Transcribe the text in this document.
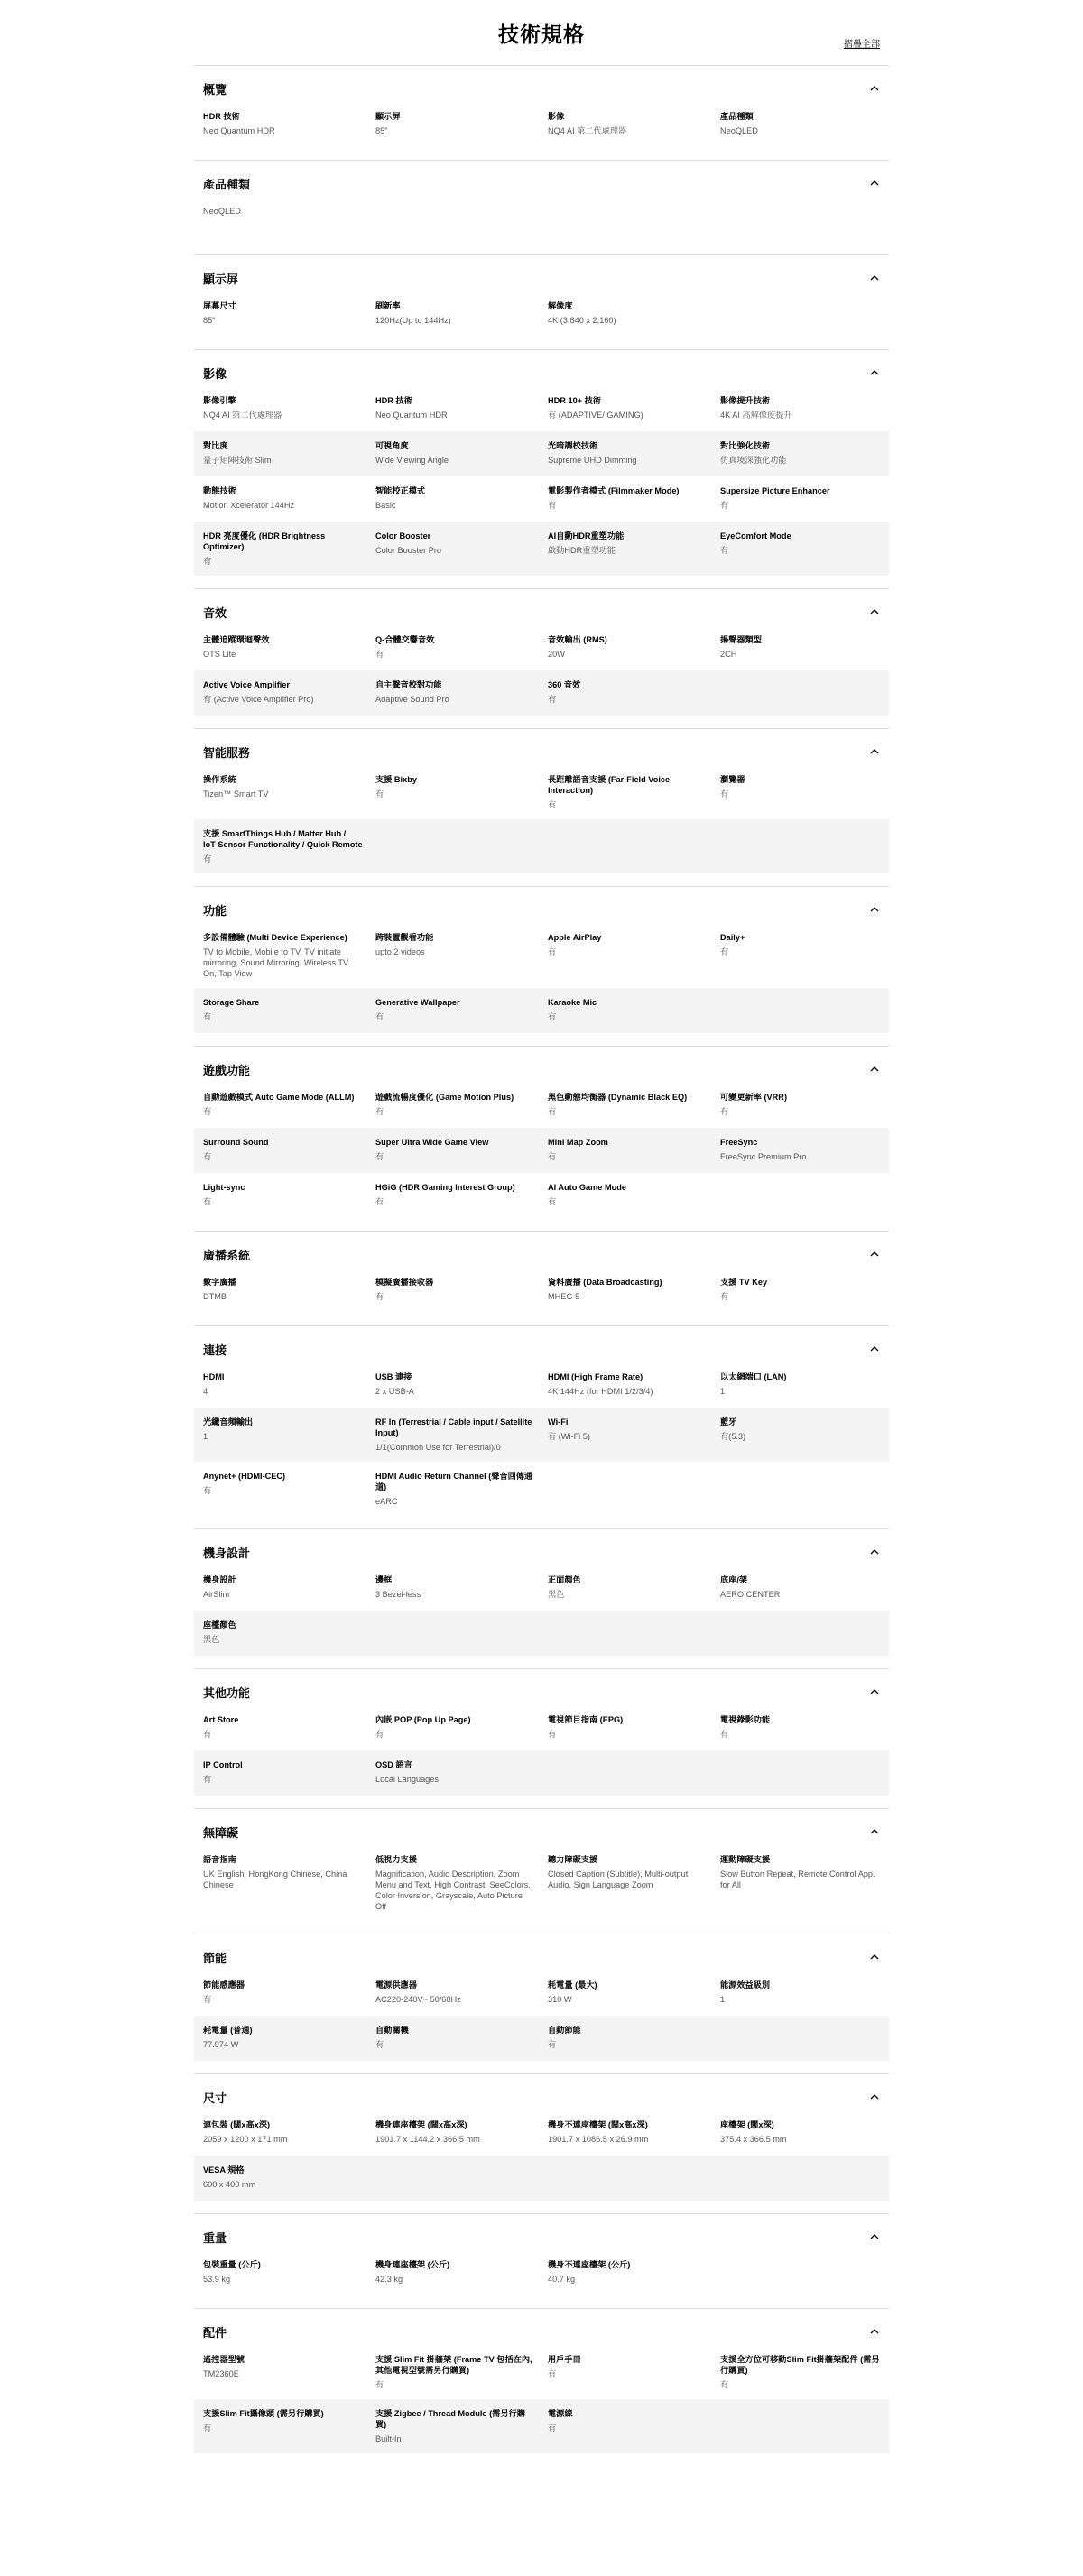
技術規格	摺疊全部
概覽
HDR 技術
Neo Quantum HDR
顯示屏
85"
影像
NQ4 AI 第二代處理器
產品種類
NeoQLED
產品種類
NeoQLED
顯示屏
屏幕尺寸
85"
刷新率
120Hz(Up to 144Hz)
解像度
4K (3,840 x 2,160)
影像
影像引擎
NQ4 AI 第二代處理器
HDR 技術
Neo Quantum HDR
HDR 10+ 技術
有 (ADAPTIVE/ GAMING)
影像提升技術
4K AI 高解像度提升
對比度
量子矩陣技術 Slim
可視角度
Wide Viewing Angle
光暗調校技術
Supreme UHD Dimming
對比強化技術
仿真境深強化功能
動態技術
Motion Xcelerator 144Hz
智能校正模式
Basic
電影製作者模式 (Filmmaker Mode)
有
Supersize Picture Enhancer
有
HDR 亮度優化 (HDR Brightness Optimizer)
有
Color Booster
Color Booster Pro
AI自動HDR重塑功能
啟動HDR重塑功能
EyeComfort Mode
有
音效
主體追蹤環迴聲效
OTS Lite
Q-合體交響音效
有
音效輸出 (RMS)
20W
揚聲器類型
2CH
Active Voice Amplifier
有 (Active Voice Amplifier Pro)
自主聲音校對功能
Adaptive Sound Pro
360 音效
有
智能服務
操作系統
Tizen™ Smart TV
支援 Bixby
有
長距離語音支援 (Far-Field Voice Interaction)
有
瀏覽器
有
支援 SmartThings Hub / Matter Hub / IoT-Sensor Functionality / Quick Remote
有
功能
多設備體驗 (Multi Device Experience)
TV to Mobile, Mobile to TV, TV initiate mirroring, Sound Mirroring, Wireless TV On, Tap View
跨裝置觀看功能
upto 2 videos
Apple AirPlay
有
Daily+
有
Storage Share
有
Generative Wallpaper
有
Karaoke Mic
有
遊戲功能
自動遊戲模式 Auto Game Mode (ALLM)
有
遊戲流暢度優化 (Game Motion Plus)
有
黑色動態均衡器 (Dynamic Black EQ)
有
可變更新率 (VRR)
有
Surround Sound
有
Super Ultra Wide Game View
有
Mini Map Zoom
有
FreeSync
FreeSync Premium Pro
Light-sync
有
HGiG (HDR Gaming Interest Group)
有
AI Auto Game Mode
有
廣播系統
數字廣播
DTMB
模擬廣播接收器
有
資料廣播 (Data Broadcasting)
MHEG 5
支援 TV Key
有
連接
HDMI
4
USB 連接
2 x USB-A
HDMI (High Frame Rate)
4K 144Hz (for HDMI 1/2/3/4)
以太網端口 (LAN)
1
光纖音頻輸出
1
RF In (Terrestrial / Cable input / Satellite Input)
1/1(Common Use for Terrestrial)/0
Wi-Fi
有 (Wi-Fi 5)
藍牙
有(5.3)
Anynet+ (HDMI-CEC)
有
HDMI Audio Return Channel (聲音回傳通道)
eARC
機身設計
機身設計
AirSlim
邊框
3 Bezel-less
正面顏色
黑色
底座/架
AERO CENTER
座檯顏色
黑色
其他功能
Art Store
有
內嵌 POP (Pop Up Page)
有
電視節目指南 (EPG)
有
電視錄影功能
有
IP Control
有
OSD 語言
Local Languages
無障礙
語音指南
UK English, HongKong Chinese, China Chinese
低視力支援
Magnification, Audio Description, Zoom Menu and Text, High Contrast, SeeColors, Color Inversion, Grayscale, Auto Picture Off
聽力障礙支援
Closed Caption (Subtitle), Multi-output Audio, Sign Language Zoom
運動障礙支援
Slow Button Repeat, Remote Control App. for All
節能
節能感應器
有
電源供應器
AC220-240V~ 50/60Hz
耗電量 (最大)
310 W
能源效益級別
1
耗電量 (普通)
77.974 W
自動關機
有
自動節能
有
尺寸
連包裝 (闊x高x深)
2059 x 1200 x 171 mm
機身連座檯架 (闊x高x深)
1901.7 x 1144.2 x 366.5 mm
機身不連座檯架 (闊x高x深)
1901.7 x 1086.5 x 26.9 mm
座檯架 (闊x深)
375.4 x 366.5 mm
VESA 規格
600 x 400 mm
重量
包裝重量 (公斤)
53.9 kg
機身連座檯架 (公斤)
42.3 kg
機身不連座檯架 (公斤)
40.7 kg
配件
遙控器型號
TM2360E
支援 Slim Fit 掛牆架 (Frame TV 包括在內, 其他電視型號需另行購買)
有
用戶手冊
有
支援全方位可移動Slim Fit掛牆架配件 (需另行購買)
有
支援Slim Fit攝像頭 (需另行購買)
有
支援 Zigbee / Thread Module (需另行購買)
Built-In
電源線
有
